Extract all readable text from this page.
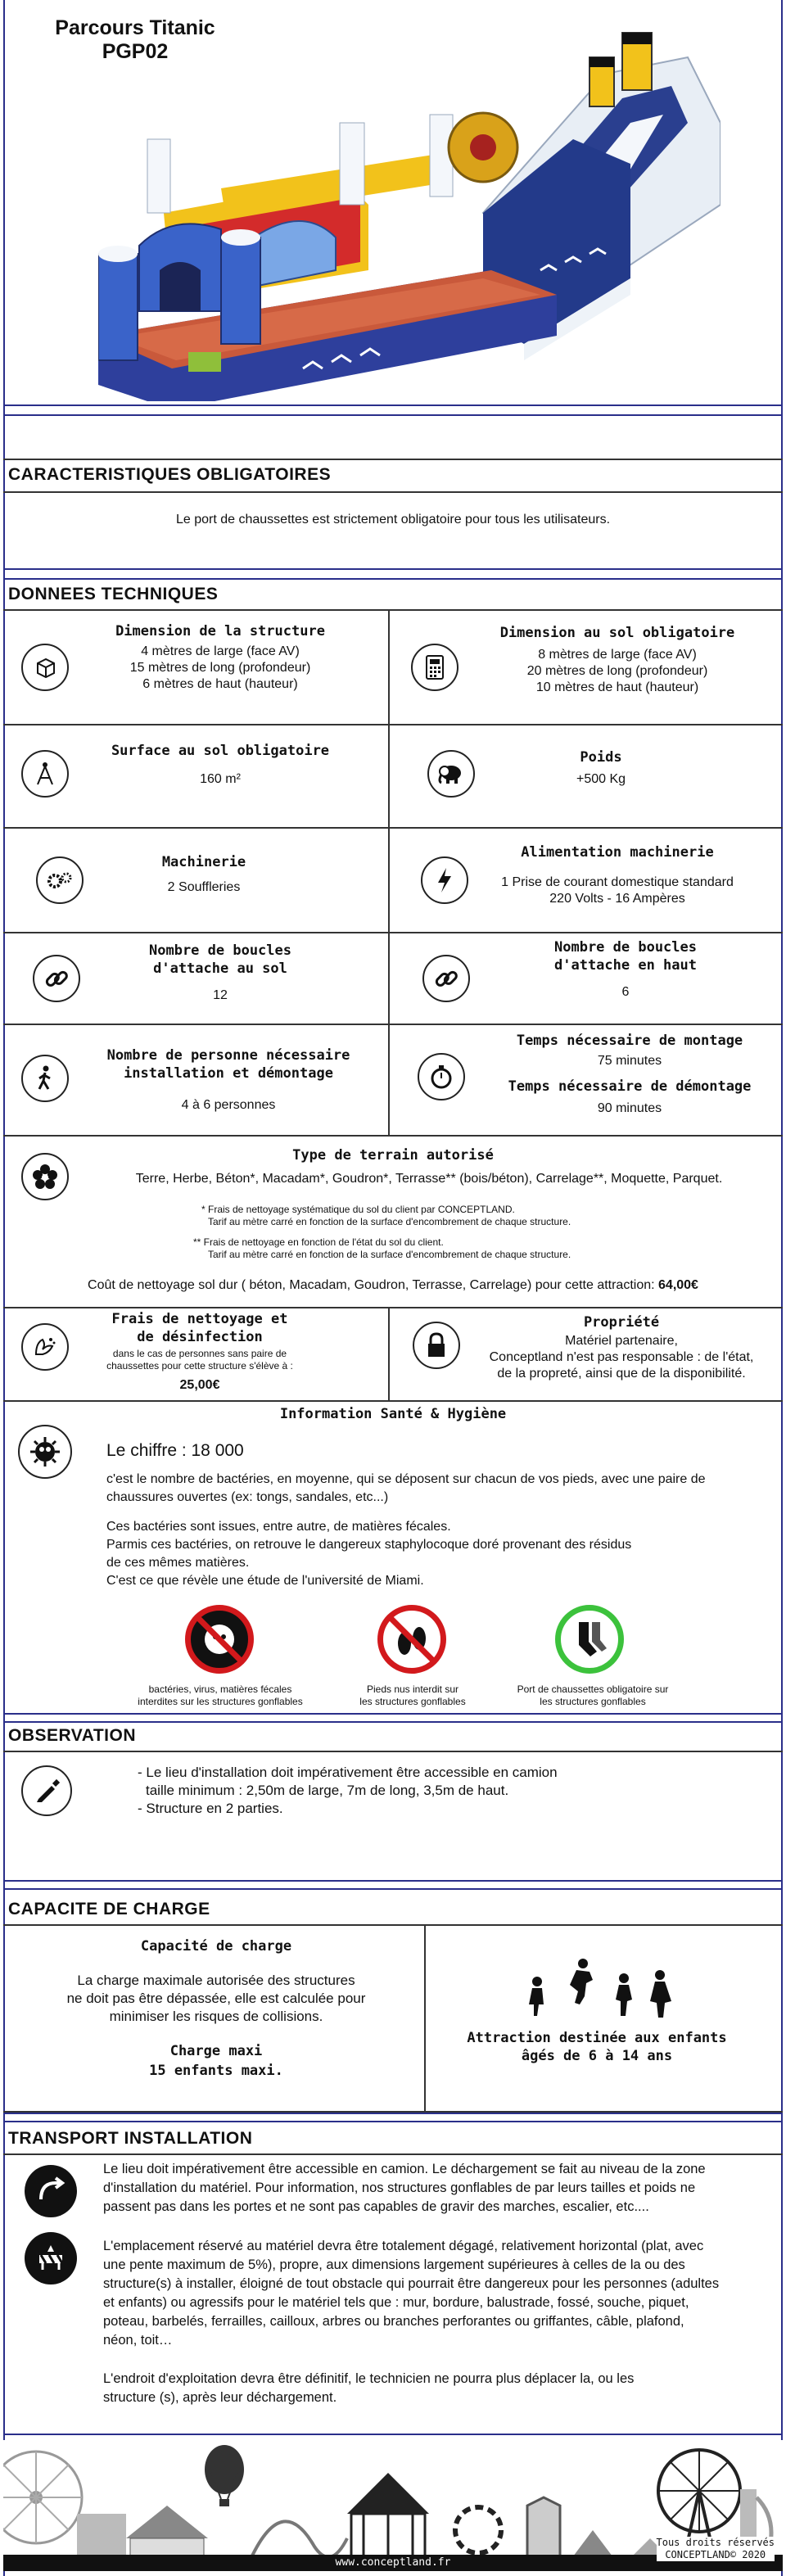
Parcours Titanic
PGP02
CARACTERISTIQUES OBLIGATOIRES
Le port de chaussettes est strictement obligatoire pour tous les utilisateurs.
DONNEES TECHNIQUES
Dimension de la structure
4 mètres de large (face AV)
15 mètres de long (profondeur)
6 mètres de haut (hauteur)
Dimension au sol obligatoire
8 mètres de large (face AV)
20 mètres de long (profondeur)
10 mètres de haut (hauteur)
Surface au sol obligatoire
160 m²
Poids
+500 Kg
Machinerie
2 Souffleries
Alimentation machinerie
1 Prise de courant domestique standard
220 Volts - 16 Ampères
Nombre de boucles
d'attache au sol
12
Nombre de boucles
d'attache en haut
6
Nombre de personne nécessaire
installation et démontage
4 à 6 personnes
Temps nécessaire de montage
75 minutes
Temps nécessaire de démontage
90 minutes
Type de terrain autorisé
Terre, Herbe, Béton*, Macadam*, Goudron*, Terrasse** (bois/béton), Carrelage**, Moquette, Parquet.
* Frais de nettoyage systématique du sol du client par CONCEPTLAND.
Tarif au mètre carré en fonction de la surface d'encombrement de chaque structure.
** Frais de nettoyage en fonction de l'état du sol du client.
Tarif au mètre carré en fonction de la surface d'encombrement de chaque structure.
Coût de nettoyage sol dur ( béton, Macadam, Goudron, Terrasse, Carrelage) pour cette attraction: 64,00€
Frais de nettoyage et
de désinfection
dans le cas de personnes sans paire de
chaussettes pour cette structure s'élève à :
25,00€
Propriété
Matériel partenaire,
Conceptland n'est pas responsable : de l'état,
de la propreté, ainsi que de la disponibilité.
Information Santé & Hygiène
Le chiffre : 18 000
c'est le nombre de bactéries, en moyenne, qui se déposent sur chacun de vos pieds, avec une paire de
chaussures ouvertes (ex: tongs, sandales, etc...)
Ces bactéries sont issues, entre autre, de matières fécales.
Parmis ces bactéries, on retrouve le dangereux staphylocoque doré provenant des résidus
de ces mêmes matières.
C'est ce que révèle une étude de l'université de Miami.
bactéries, virus, matières fécales
interdites sur les structures gonflables
Pieds nus interdit sur
les structures gonflables
Port de chaussettes obligatoire sur
les structures gonflables
OBSERVATION
- Le lieu d'installation doit impérativement être accessible en camion
taille minimum : 2,50m de large, 7m de long, 3,5m de haut.
- Structure en 2 parties.
CAPACITE DE CHARGE
Capacité de charge
La charge maximale autorisée des structures
ne doit pas être dépassée, elle est calculée pour
minimiser les risques de collisions.
Charge maxi
15 enfants maxi.
Attraction destinée aux enfants
âgés de 6 à 14 ans
TRANSPORT INSTALLATION
Le lieu doit impérativement être accessible en camion. Le déchargement se fait au niveau de la zone
d'installation du matériel. Pour information, nos structures gonflables de par leurs tailles et poids ne
passent pas dans les portes et ne sont pas capables de gravir des marches, escalier, etc....
L'emplacement réservé au matériel devra être totalement dégagé, relativement horizontal (plat, avec
une pente maximum de 5%), propre, aux dimensions largement supérieures à celles de la ou des
structure(s) à installer, éloigné de tout obstacle qui pourrait être dangereux pour les personnes (adultes
et enfants) ou agressifs pour le matériel tels que : mur, bordure, balustrade, fossé, souche, piquet,
poteau, barbelés, ferrailles, cailloux, arbres ou branches perforantes ou griffantes, câble, plafond,
néon, toit…
L'endroit d'exploitation devra être définitif, le technicien ne pourra plus déplacer la, ou les
structure (s), après leur déchargement.
www.conceptland.fr
Tous droits réservés
CONCEPTLAND© 2020
